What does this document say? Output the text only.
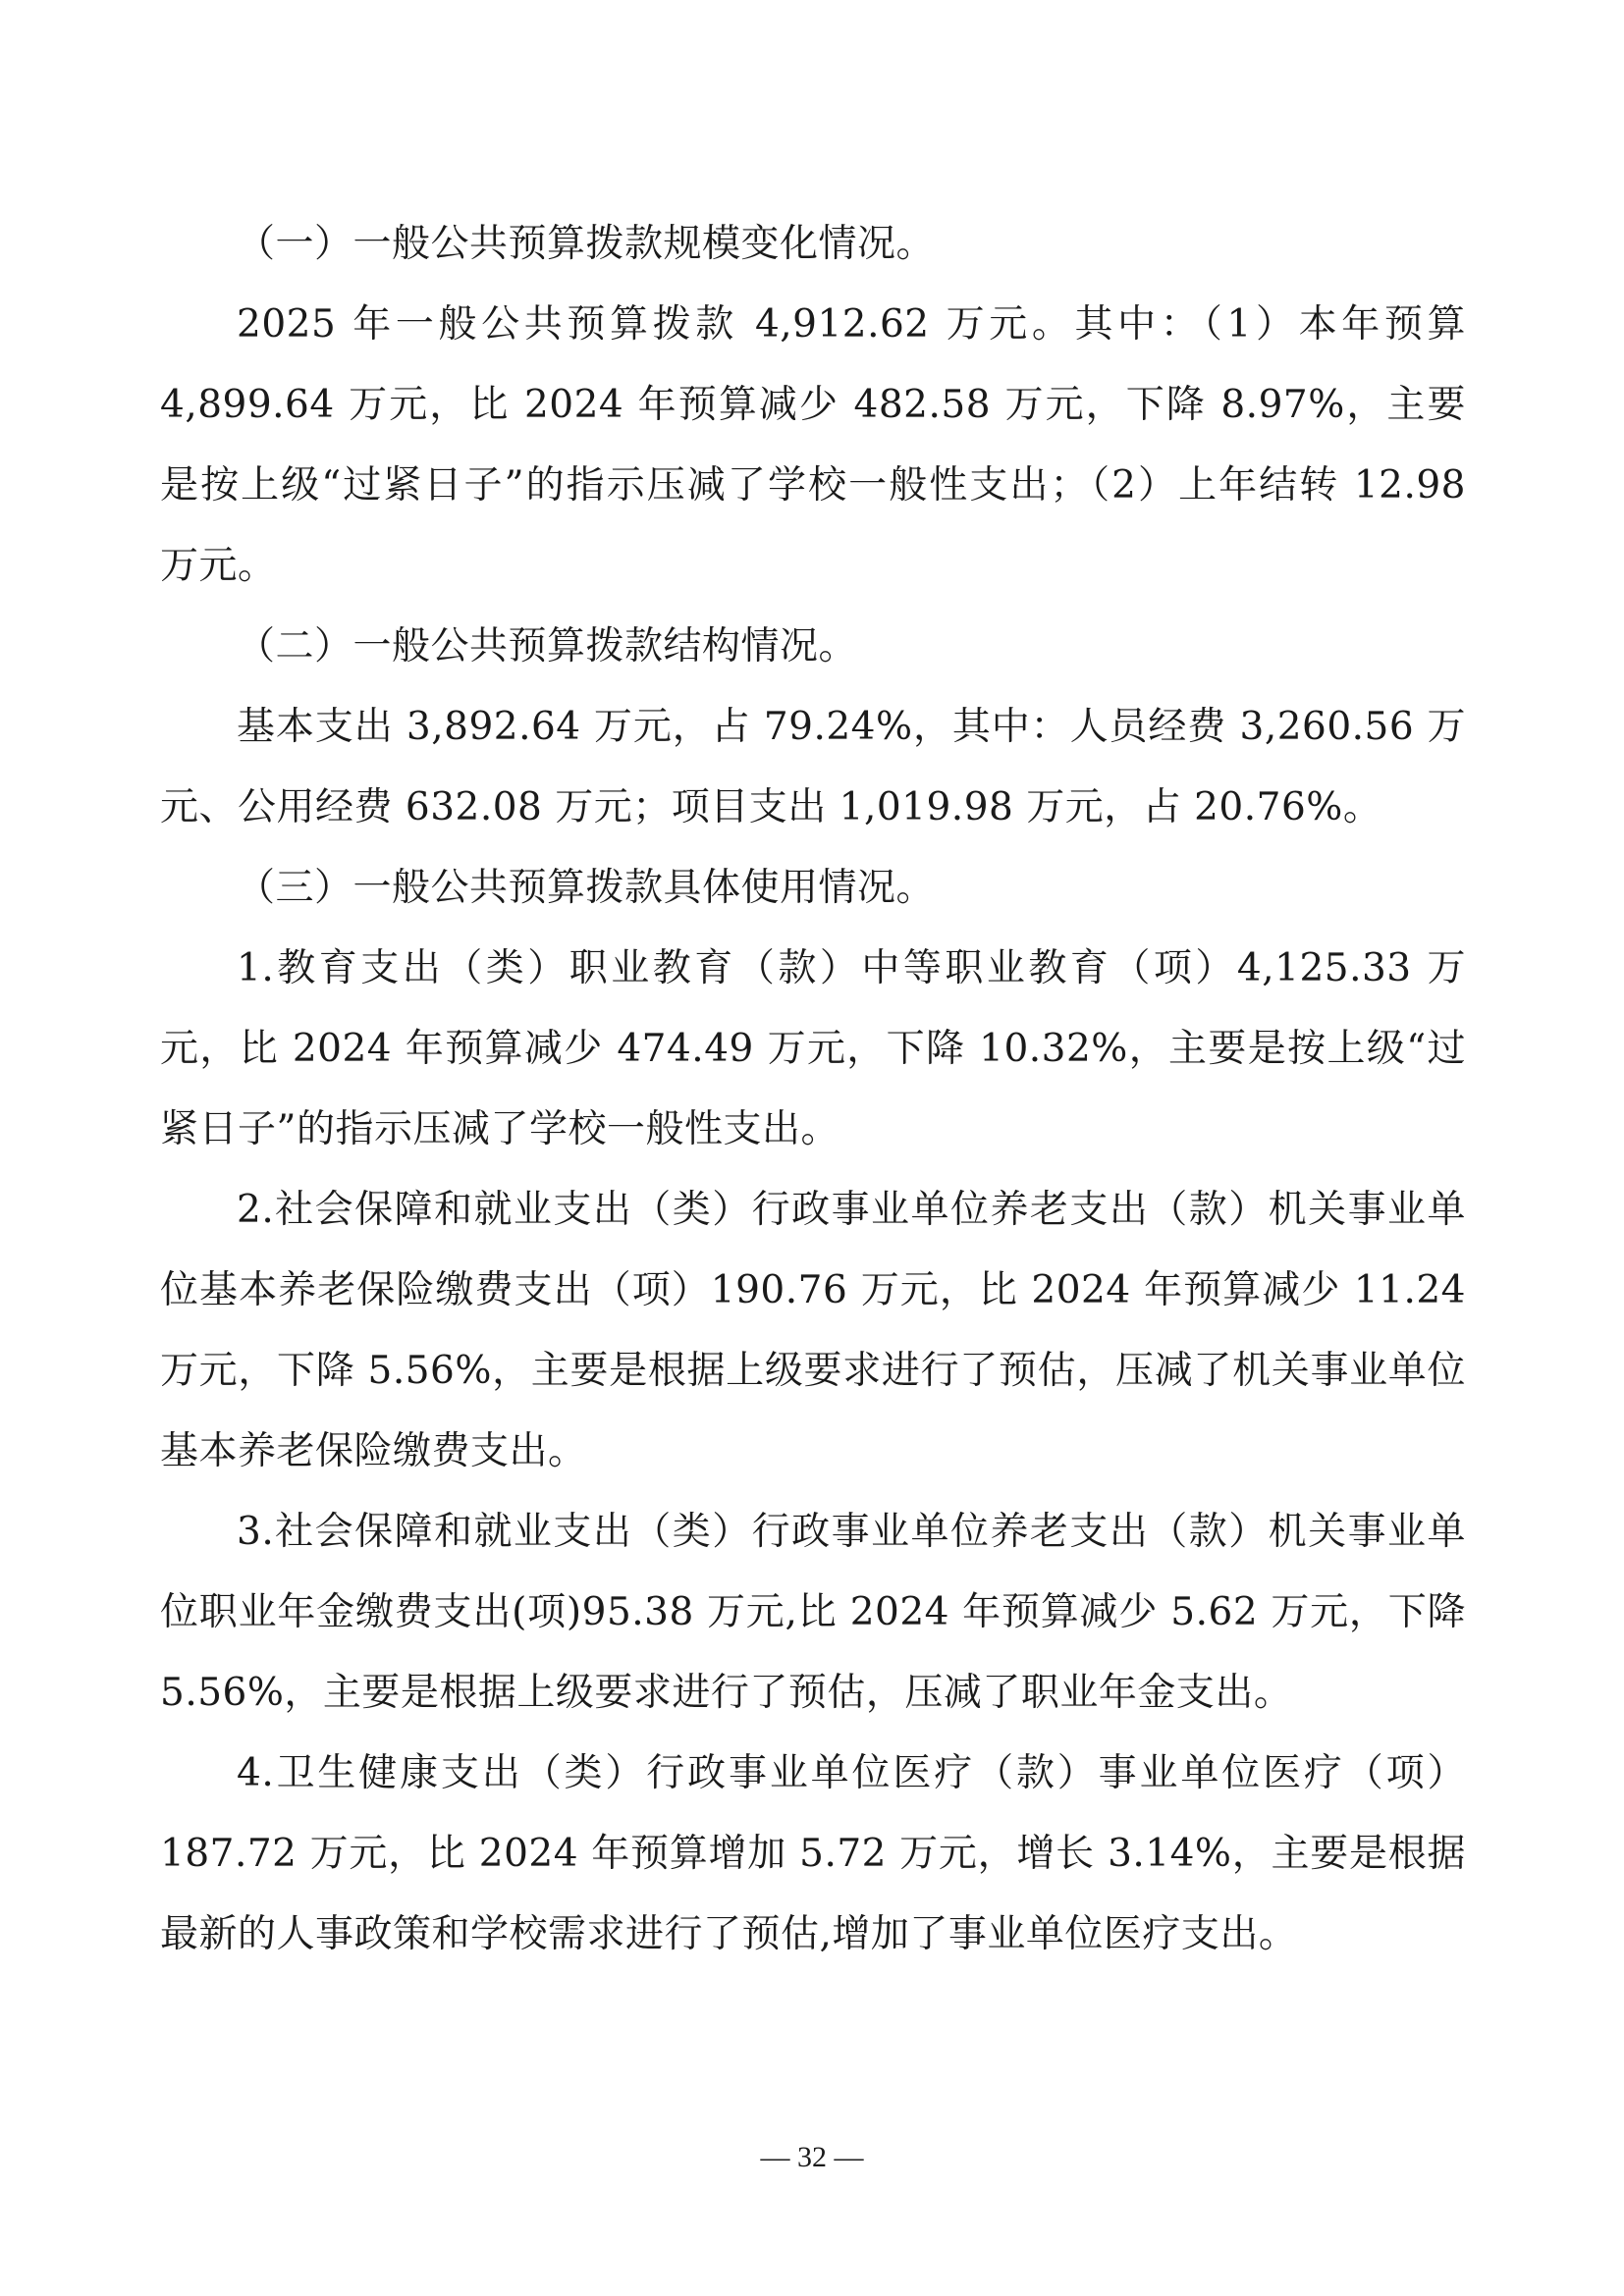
（一）一般公共预算拨款规模变化情况。

2025 年一般公共预算拨款 4,912.62 万元。其中：（1）本年预算 4,899.64 万元，比 2024 年预算减少 482.58 万元，下降 8.97%，主要是按上级“过紧日子”的指示压减了学校一般性支出；（2）上年结转 12.98 万元。

（二）一般公共预算拨款结构情况。

基本支出 3,892.64 万元，占 79.24%，其中：人员经费 3,260.56 万元、公用经费 632.08 万元；项目支出 1,019.98 万元，占 20.76%。

（三）一般公共预算拨款具体使用情况。

1.教育支出（类）职业教育（款）中等职业教育（项）4,125.33 万元，比 2024 年预算减少 474.49 万元，下降 10.32%，主要是按上级“过紧日子”的指示压减了学校一般性支出。

2.社会保障和就业支出（类）行政事业单位养老支出（款）机关事业单位基本养老保险缴费支出（项）190.76 万元，比 2024 年预算减少 11.24 万元，下降 5.56%，主要是根据上级要求进行了预估，压减了机关事业单位基本养老保险缴费支出。

3.社会保障和就业支出（类）行政事业单位养老支出（款）机关事业单位职业年金缴费支出(项)95.38 万元,比 2024 年预算减少 5.62 万元，下降 5.56%，主要是根据上级要求进行了预估，压减了职业年金支出。

4.卫生健康支出（类）行政事业单位医疗（款）事业单位医疗（项）187.72 万元，比 2024 年预算增加 5.72 万元，增长 3.14%，主要是根据最新的人事政策和学校需求进行了预估,增加了事业单位医疗支出。

— 32 —
